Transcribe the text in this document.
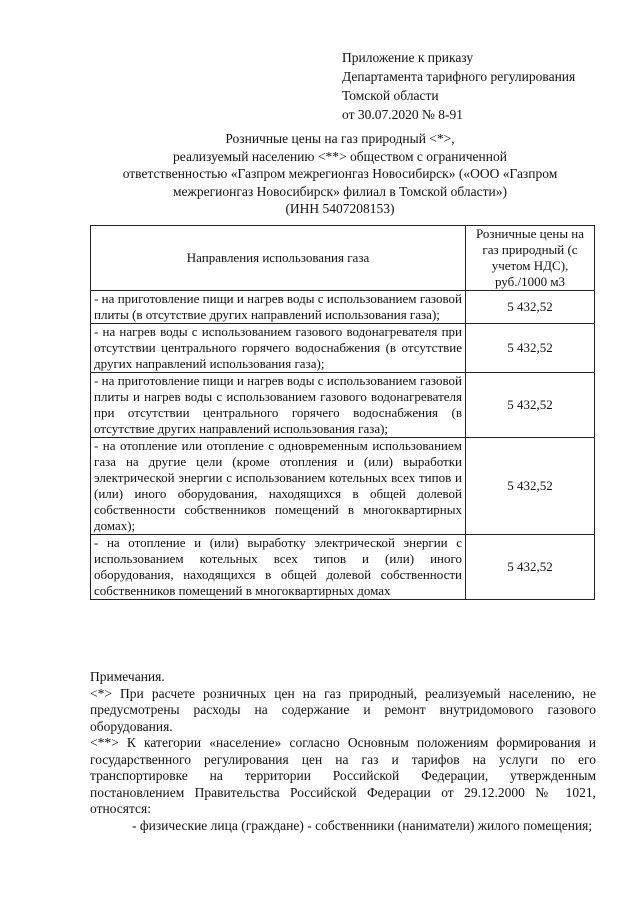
Приложение к приказу
Департамента тарифного регулирования
Томской области
от 30.07.2020 № 8-91
Розничные цены на газ природный <*>,
реализуемый населению <**> обществом с ограниченной
ответственностью «Газпром межрегионгаз Новосибирск» («ООО «Газпром
межрегионгаз Новосибирск» филиал в Томской области»)
(ИНН 5407208153)
Направления использования газа	Розничные цены на газ природный (с учетом НДС), руб./1000 м3
- на приготовление пищи и нагрев воды с использованием газовой плиты (в отсутствие других направлений использования газа);	5 432,52
- на нагрев воды с использованием газового водонагревателя при отсутствии центрального горячего водоснабжения (в отсутствие других направлений использования газа);	5 432,52
- на приготовление пищи и нагрев воды с использованием газовой плиты и нагрев воды с использованием газового водонагревателя при отсутствии центрального горячего водоснабжения (в отсутствие других направлений использования газа);	5 432,52
- на отопление или отопление с одновременным использованием газа на другие цели (кроме отопления и (или) выработки электрической энергии с использованием котельных всех типов и (или) иного оборудования, находящихся в общей долевой собственности собственников помещений в многоквартирных домах);	5 432,52
- на отопление и (или) выработку электрической энергии с использованием котельных всех типов и (или) иного оборудования, находящихся в общей долевой собственности собственников помещений в многоквартирных домах	5 432,52

Примечания.

<*> При расчете розничных цен на газ природный, реализуемый населению, не предусмотрены расходы на содержание и ремонт внутридомового газового оборудования.

<**> К категории «население» согласно Основным положениям формирования и государственного регулирования цен на газ и тарифов на услуги по его транспортировке на территории Российской Федерации, утвержденным постановлением Правительства Российской Федерации от 29.12.2000 № 1021, относятся:

- физические лица (граждане) - собственники (наниматели) жилого помещения;
